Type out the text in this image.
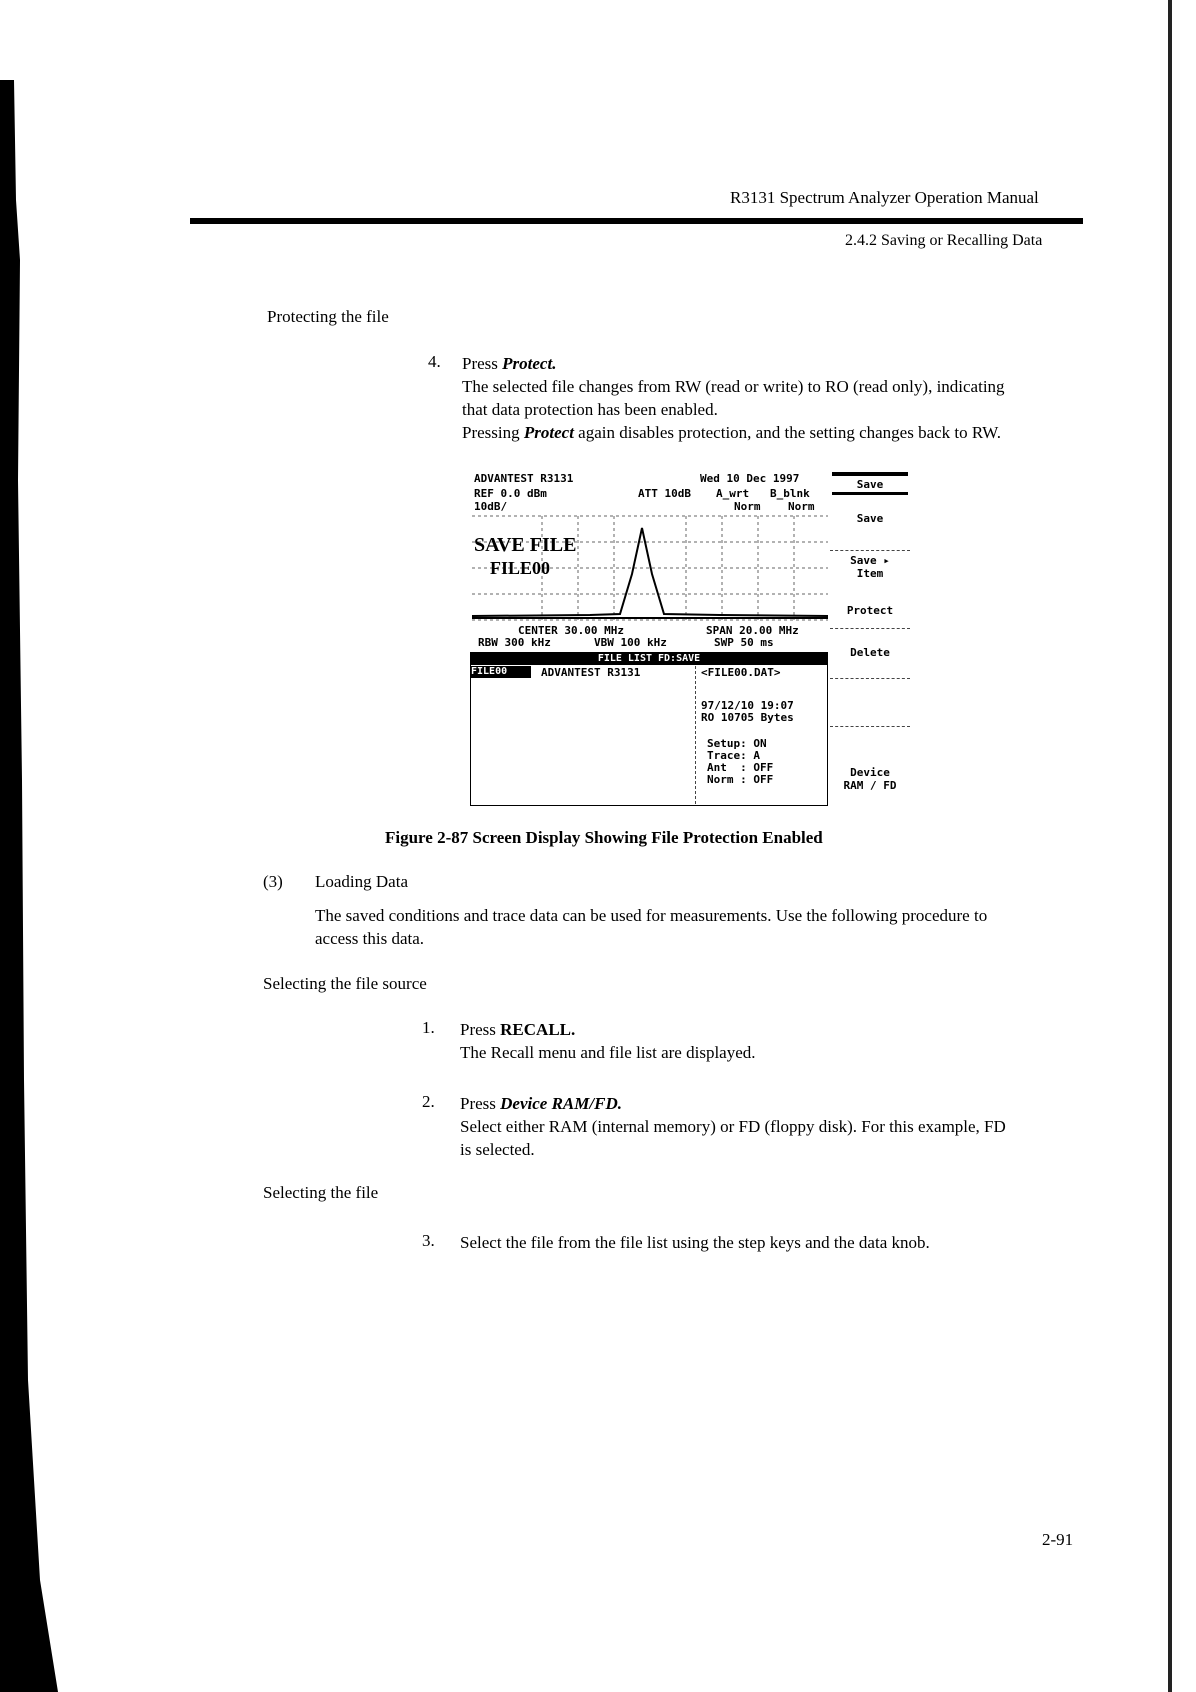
R3131 Spectrum Analyzer Operation Manual
2.4.2 Saving or Recalling Data
Protecting the file
4. Press Protect.
The selected file changes from RW (read or write) to RO (read only), indicating
that data protection has been enabled.
Pressing Protect again disables protection, and the setting changes back to RW.
ADVANTEST R3131	Wed 10 Dec 1997
REF 0.0 dBm	ATT 10dB A_wrt B_blnk
10dB/	Norm	Norm
SAVE FILE
FILE00
CENTER 30.00 MHz	SPAN 20.00 MHz
RBW 300 kHz	VBW 100 kHz	SWP 50 ms
FILE LIST FD:SAVE
FILE00	ADVANTEST R3131	<FILE00.DAT>
97/12/10 19:07
RO 10705 Bytes
Setup: ON
Trace: A
Ant  : OFF
Norm : OFF
Save
Save
Save ▸
Item
Protect
Delete
Device
RAM / FD
Figure 2-87 Screen Display Showing File Protection Enabled
(3) Loading Data
The saved conditions and trace data can be used for measurements. Use the following procedure to
access this data.
Selecting the file source
1. Press RECALL.
The Recall menu and file list are displayed.
2. Press Device RAM/FD.
Select either RAM (internal memory) or FD (floppy disk). For this example, FD
is selected.
Selecting the file
3. Select the file from the file list using the step keys and the data knob.
2-91
